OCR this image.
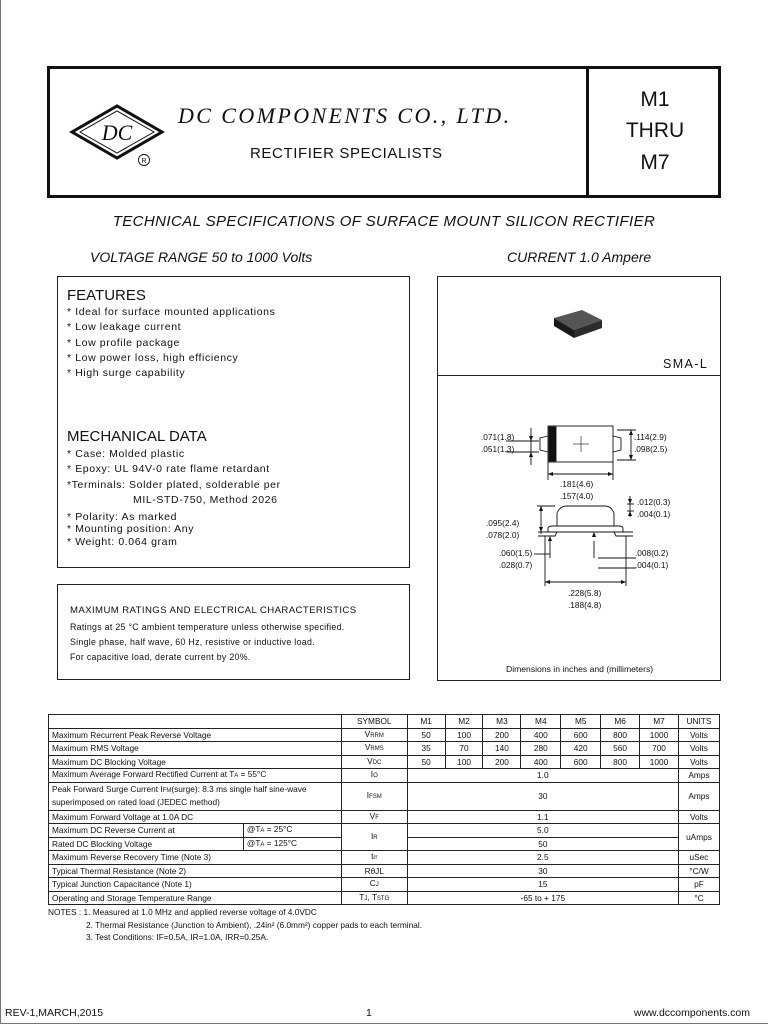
DC
R
DC COMPONENTS CO., LTD.
RECTIFIER SPECIALISTS
M1
THRU
M7
TECHNICAL SPECIFICATIONS OF SURFACE MOUNT SILICON RECTIFIER
VOLTAGE RANGE 50 to 1000 Volts	CURRENT 1.0 Ampere
FEATURES
* Ideal for surface mounted applications
* Low leakage current
* Low profile package
* Low power loss, high efficiency
* High surge capability
MECHANICAL DATA
* Case: Molded plastic
* Epoxy: UL 94V-0 rate flame retardant
*Terminals: Solder plated, solderable per
MIL-STD-750, Method 2026
* Polarity: As marked
* Mounting position: Any
* Weight: 0.064 gram
MAXIMUM RATINGS AND ELECTRICAL CHARACTERISTICS
Ratings at 25 °C ambient temperature unless otherwise specified.
Single phase, half wave, 60 Hz, resistive or inductive load.
For capacitive load, derate current by 20%.
SMA-L
.071(1.8)
.051(1.3)
.114(2.9)
.098(2.5)
.181(4.6)
.157(4.0)
.012(0.3)
.004(0.1)
.095(2.4)
.078(2.0)
.060(1.5)
.028(0.7)
.008(0.2)
.004(0.1)
.228(5.8)
.188(4.8)
Dimensions in inches and (millimeters)
		SYMBOL	M1	M2	M3	M4	M5	M6	M7	UNITS
Maximum Recurrent Peak Reverse Voltage		VRRM	50	100	200	400	600	800	1000	Volts
Maximum RMS Voltage		VRMS	35	70	140	280	420	560	700	Volts
Maximum DC Blocking Voltage		VDC	50	100	200	400	600	800	1000	Volts
Maximum Average Forward Rectified Current at TA = 55°C		IO	1.0							Amps

Peak Forward Surge Current IFM(surge): 8.3 ms single half sine-wave
superimposed on rated load (JEDEC method)		IFSM	30							Amps
Maximum Forward Voltage at 1.0A DC		VF	1.1							Volts
Maximum DC Reverse Current at	@TA = 25°C	IR	5.0							uAmps
Rated DC Blocking Voltage	@TA = 125°C		50							
Maximum Reverse Recovery Time (Note 3)		trr	2.5							uSec
Typical Thermal Resistance (Note 2)		RθJL	30							°C/W
Typical Junction Capacitance (Note 1)		CJ	15							pF
Operating and Storage Temperature Range		TJ, TSTG	-65 to + 175							°C
NOTES : 1. Measured at 1.0 MHz and applied reverse voltage of 4.0VDC
2. Thermal Resistance (Junction to Ambient), .24in² (6.0mm²) copper pads to each terminal.
3. Test Conditions: IF=0.5A, IR=1.0A, IRR=0.25A.
REV-1,MARCH,2015	1	www.dccomponents.com
